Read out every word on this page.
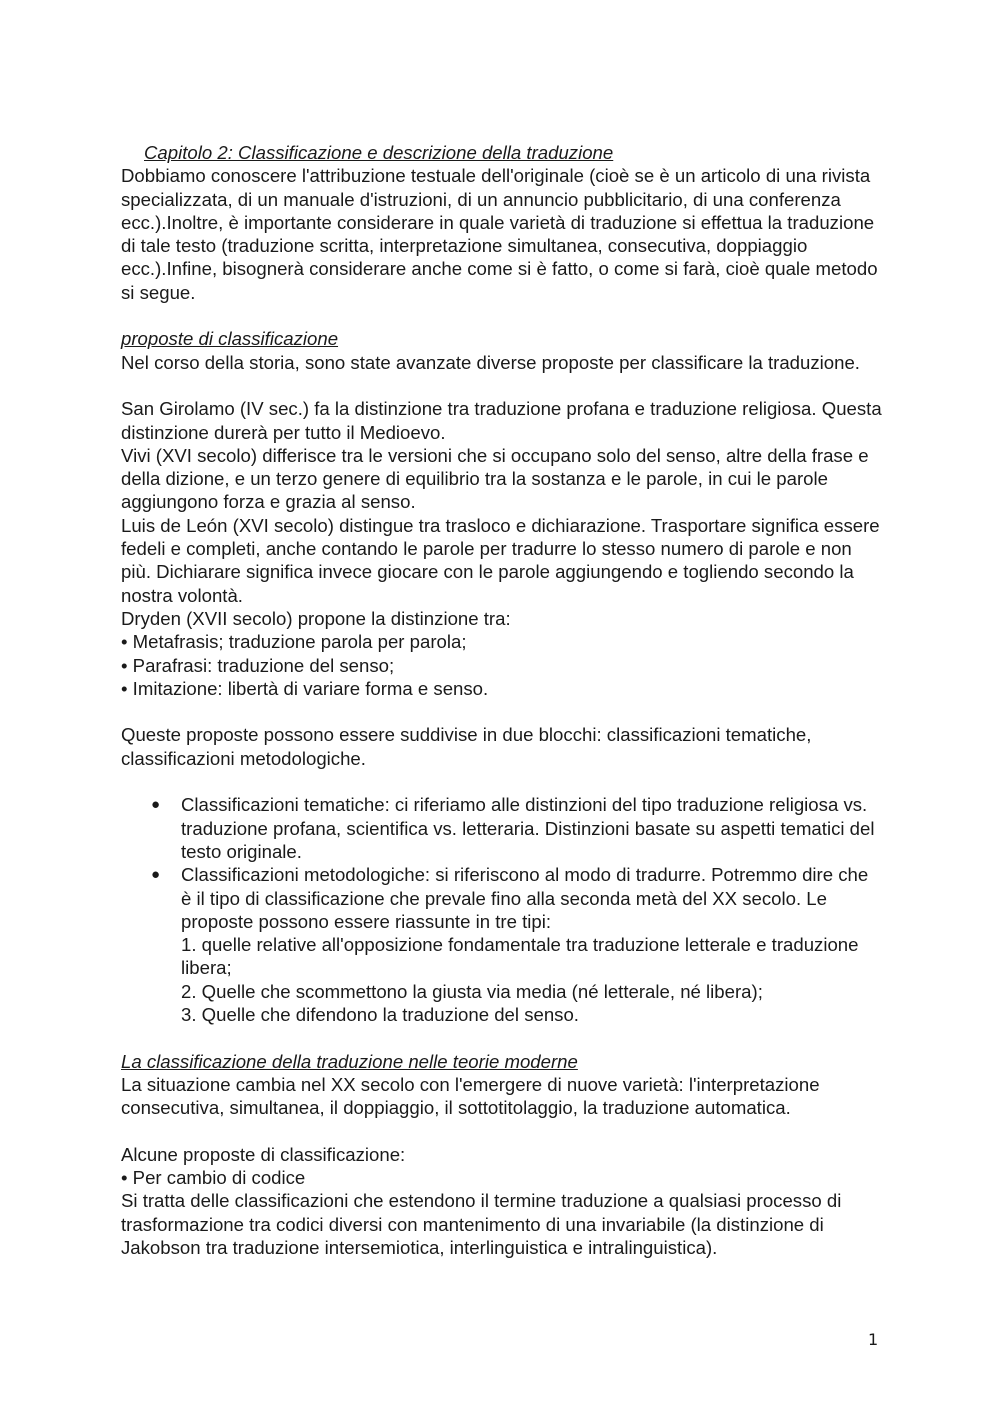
Capitolo 2: Classificazione e descrizione della traduzione

Dobbiamo conoscere l'attribuzione testuale dell'originale (cioè se è un articolo di una rivista specializzata, di un manuale d'istruzioni, di un annuncio pubblicitario, di una conferenza ecc.).Inoltre, è importante considerare in quale varietà di traduzione si effettua la traduzione di tale testo (traduzione scritta, interpretazione simultanea, consecutiva, doppiaggio ecc.).Infine, bisognerà considerare anche come si è fatto, o come si farà, cioè quale metodo si segue.

proposte di classificazione

Nel corso della storia, sono state avanzate diverse proposte per classificare la traduzione.

San Girolamo (IV sec.) fa la distinzione tra traduzione profana e traduzione religiosa. Questa distinzione durerà per tutto il Medioevo.

Vivi (XVI secolo) differisce tra le versioni che si occupano solo del senso, altre della frase e della dizione, e un terzo genere di equilibrio tra la sostanza e le parole, in cui le parole aggiungono forza e grazia al senso.

Luis de León (XVI secolo) distingue tra trasloco e dichiarazione. Trasportare significa essere fedeli e completi, anche contando le parole per tradurre lo stesso numero di parole e non più. Dichiarare significa invece giocare con le parole aggiungendo e togliendo secondo la nostra volontà.

Dryden (XVII secolo) propone la distinzione tra:

• Metafrasis; traduzione parola per parola;

• Parafrasi: traduzione del senso;

• Imitazione: libertà di variare forma e senso.

Queste proposte possono essere suddivise in due blocchi: classificazioni tematiche, classificazioni metodologiche.

● Classificazioni tematiche: ci riferiamo alle distinzioni del tipo traduzione religiosa vs. traduzione profana, scientifica vs. letteraria. Distinzioni basate su aspetti tematici del testo originale.
● Classificazioni metodologiche: si riferiscono al modo di tradurre. Potremmo dire che è il tipo di classificazione che prevale fino alla seconda metà del XX secolo. Le proposte possono essere riassunte in tre tipi:

1. quelle relative all'opposizione fondamentale tra traduzione letterale e traduzione libera;

2. Quelle che scommettono la giusta via media (né letterale, né libera);

3. Quelle che difendono la traduzione del senso.

La classificazione della traduzione nelle teorie moderne

La situazione cambia nel XX secolo con l'emergere di nuove varietà: l'interpretazione consecutiva, simultanea, il doppiaggio, il sottotitolaggio, la traduzione automatica.

Alcune proposte di classificazione:

• Per cambio di codice

Si tratta delle classificazioni che estendono il termine traduzione a qualsiasi processo di trasformazione tra codici diversi con mantenimento di una invariabile (la distinzione di Jakobson tra traduzione intersemiotica, interlinguistica e intralinguistica).

1
